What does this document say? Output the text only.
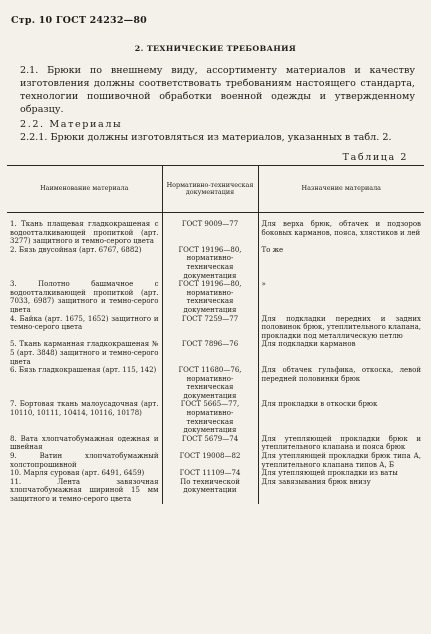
Стр. 10 ГОСТ 24232—80
2. ТЕХНИЧЕСКИЕ ТРЕБОВАНИЯ
2.1. Брюки по внешнему виду, ассортименту материалов и качеству изготовления должны соответствовать требованиям настоящего стандарта, технологии пошивочной обработки военной одежды и утвержденному образцу.
2.2. Материалы
2.2.1. Брюки должны изготовляться из материалов, указанных в табл. 2.
Таблица 2
Наименование материала	Нормативно-техническая документация	Назначение материала
1. Ткань плащевая гладкокрашеная с водоотталкивающей пропиткой (арт. 3277) защитного и темно-серого цвета	ГОСТ 9009—77	Для верха брюк, обтачек и подзоров боковых карманов, пояса, хлястиков и лей
2. Бязь двусойная (арт. 6767, 6882)	ГОСТ 19196—80, нормативно-техническая документация	То же
3. Полотно башмачное с водоотталкивающей пропиткой (арт. 7033, 6987) защитного и темно-серого цвета	ГОСТ 19196—80, нормативно-техническая документация	»
4. Байка (арт. 1675, 1652) защитного и темно-серого цвета	ГОСТ 7259—77	Для подкладки передних и задних половинок брюк, утеплительного клапана, прокладки под металлическую петлю
5. Ткань карманная гладкокрашеная № 5 (арт. 3848) защитного и темно-серого цвета	ГОСТ 7896—76	Для подкладки карманов
6. Бязь гладкокрашеная (арт. 115, 142)	ГОСТ 11680—76, нормативно-техническая документация	Для обтачек гульфика, откоска, левой передней половинки брюк
7. Бортовая ткань малоусадочная (арт. 10110, 10111, 10414, 10116, 10178)	ГОСТ 5665—77, нормативно-техническая документация	Для прокладки в откоски брюк
8. Вата хлопчатобумажная одежная и швейная	ГОСТ 5679—74	Для утепляющей прокладки брюк и утеплительного клапана и пояса брюк
9. Ватин хлопчатобумажный холстопрошивной	ГОСТ 19008—82	Для утепляющей прокладки брюк типа А, утеплительного клапана типов А, Б
10. Марля суровая (арт. 6491, 6459)	ГОСТ 11109—74	Для утепляющей прокладки из ваты
11. Лента завязочная хлопчатобумажная шириной 15 мм защитного и темно-серого цвета	По технической документации	Для завязывания брюк внизу
